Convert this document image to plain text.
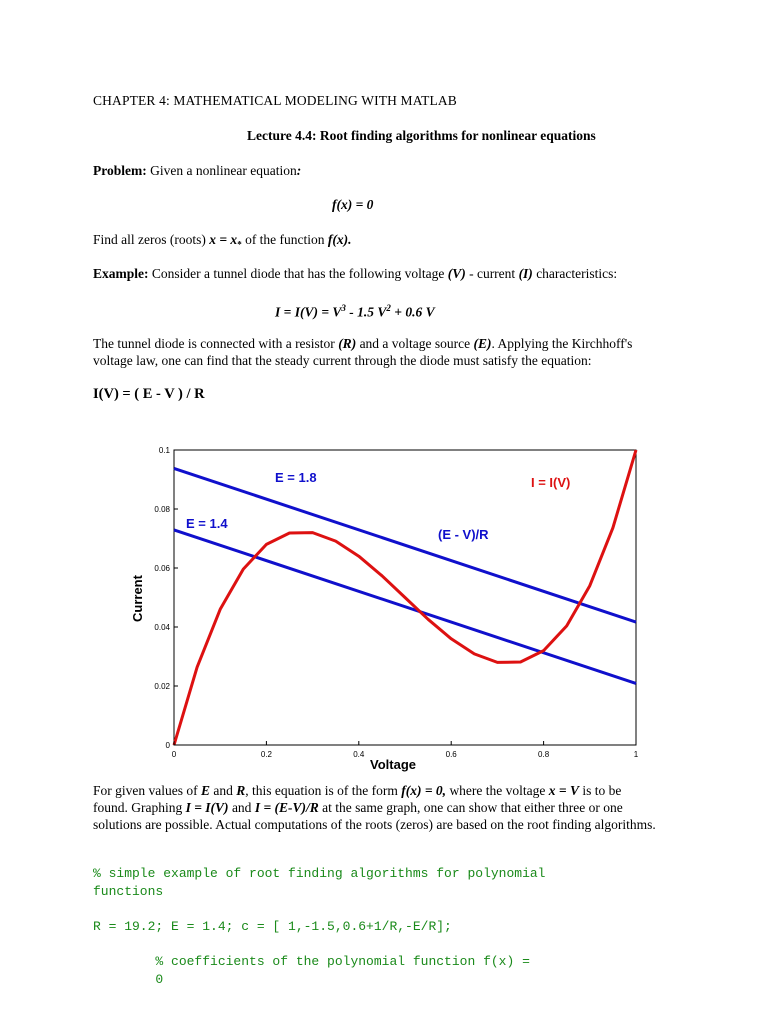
CHAPTER 4: MATHEMATICAL MODELING WITH MATLAB
Lecture 4.4: Root finding algorithms for nonlinear equations
Problem: Given a nonlinear equation:
f(x) = 0
Find all zeros (roots) $x = x_*$ of the function f(x).
Example: Consider a tunnel diode that has the following voltage (V) - current (I) characteristics:
$I = I(V) = V^3 - 1.5$ $V^2 + 0.6$ V
The tunnel diode is connected with a resistor (R) and a voltage source (E). Applying the Kirchhoff's voltage law, one can find that the steady current through the diode must satisfy the equation:
I(V) = ( E - V ) / R
0	0.2	0.4	0.6	0.8	1
0
0.02
0.04
0.06
0.08
0.1
Voltage
Current
E = 1.8
E = 1.4
(E - V)/R
I = I(V)
For given values of E and R, this equation is of the form f(x) = 0, where the voltage x = V is to be found. Graphing I = I(V) and I = (E-V)/R at the same graph, one can show that either three or one solutions are possible. Actual computations of the roots (zeros) are based on the root finding algorithms.
% simple example of root finding algorithms for polynomial
functions
R = 19.2; E = 1.4; c = [ 1,-1.5,0.6+1/R,-E/R];
% coefficients of the polynomial function f(x) =
0
